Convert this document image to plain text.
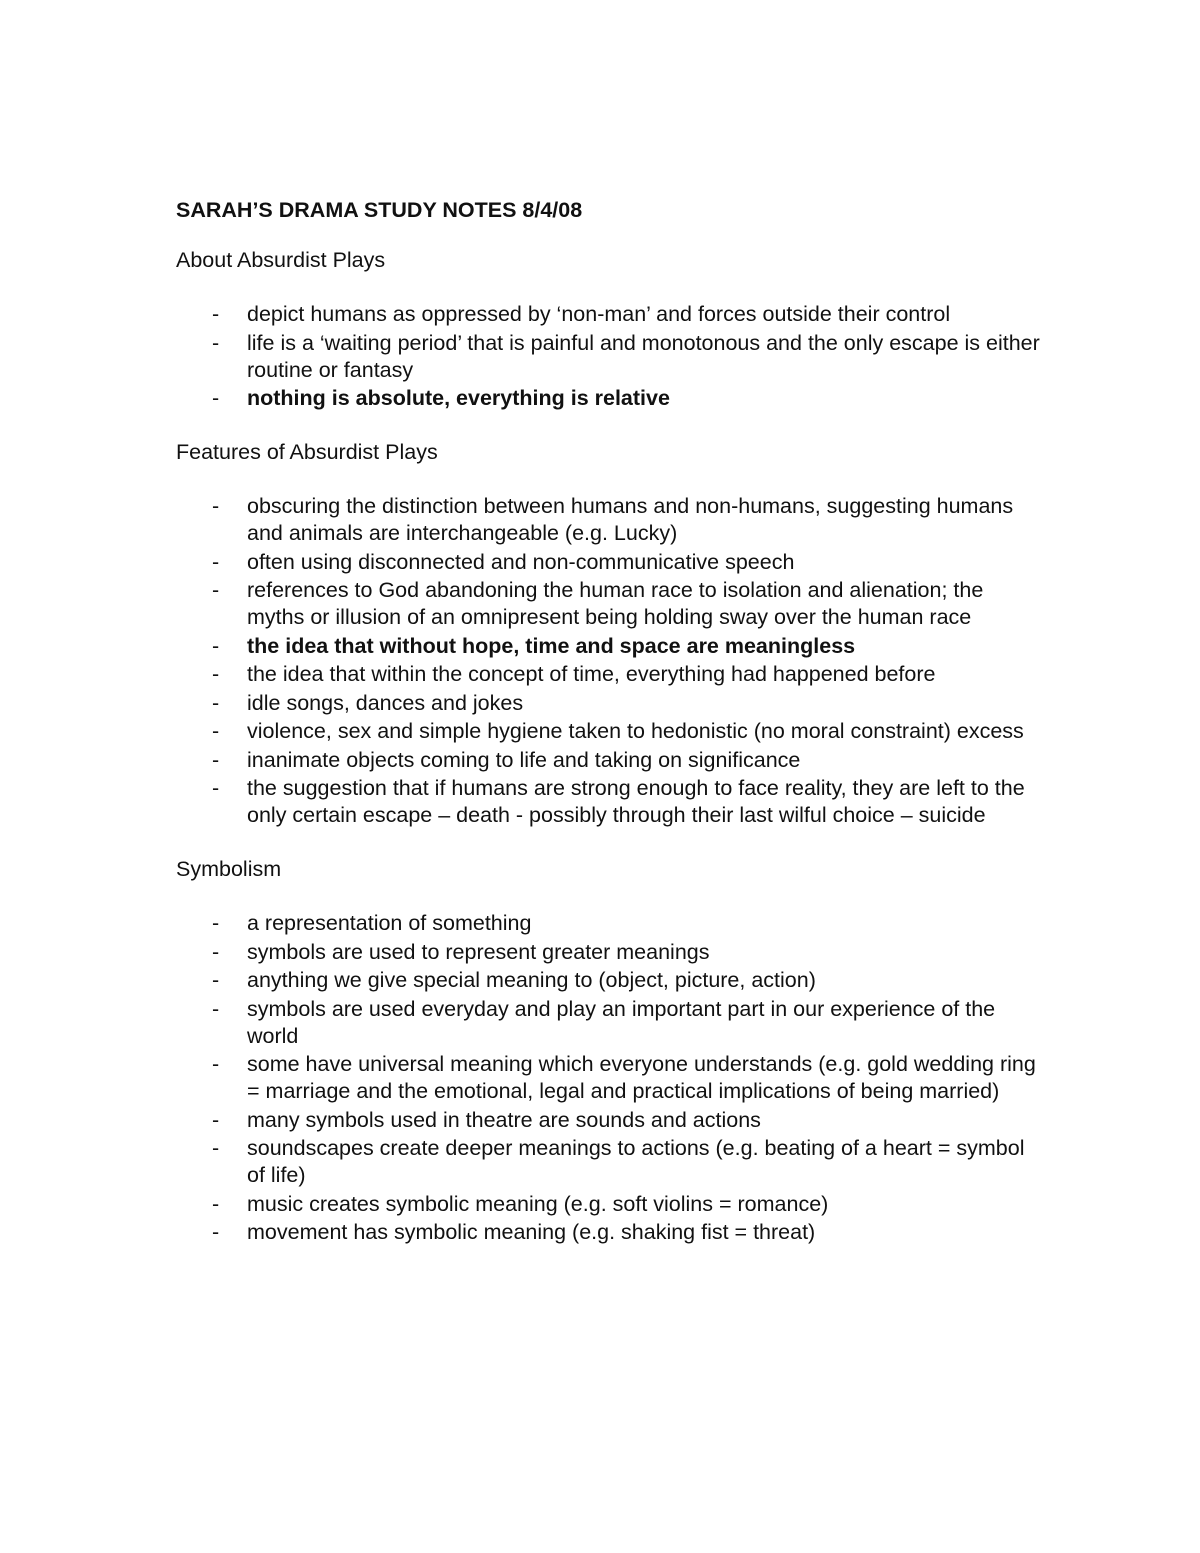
SARAH’S DRAMA STUDY NOTES 8/4/08
About Absurdist Plays
- depict humans as oppressed by ‘non-man’ and forces outside their control
- life is a ‘waiting period’ that is painful and monotonous and the only escape is either routine or fantasy
- nothing is absolute, everything is relative
Features of Absurdist Plays
- obscuring the distinction between humans and non-humans, suggesting humans and animals are interchangeable (e.g. Lucky)
- often using disconnected and non-communicative speech
- references to God abandoning the human race to isolation and alienation; the myths or illusion of an omnipresent being holding sway over the human race
- the idea that without hope, time and space are meaningless
- the idea that within the concept of time, everything had happened before
- idle songs, dances and jokes
- violence, sex and simple hygiene taken to hedonistic (no moral constraint) excess
- inanimate objects coming to life and taking on significance
- the suggestion that if humans are strong enough to face reality, they are left to the only certain escape – death - possibly through their last wilful choice – suicide
Symbolism
- a representation of something
- symbols are used to represent greater meanings
- anything we give special meaning to (object, picture, action)
- symbols are used everyday and play an important part in our experience of the world
- some have universal meaning which everyone understands (e.g. gold wedding ring = marriage and the emotional, legal and practical implications of being married)
- many symbols used in theatre are sounds and actions
- soundscapes create deeper meanings to actions (e.g. beating of a heart = symbol of life)
- music creates symbolic meaning (e.g. soft violins = romance)
- movement has symbolic meaning (e.g. shaking fist = threat)
